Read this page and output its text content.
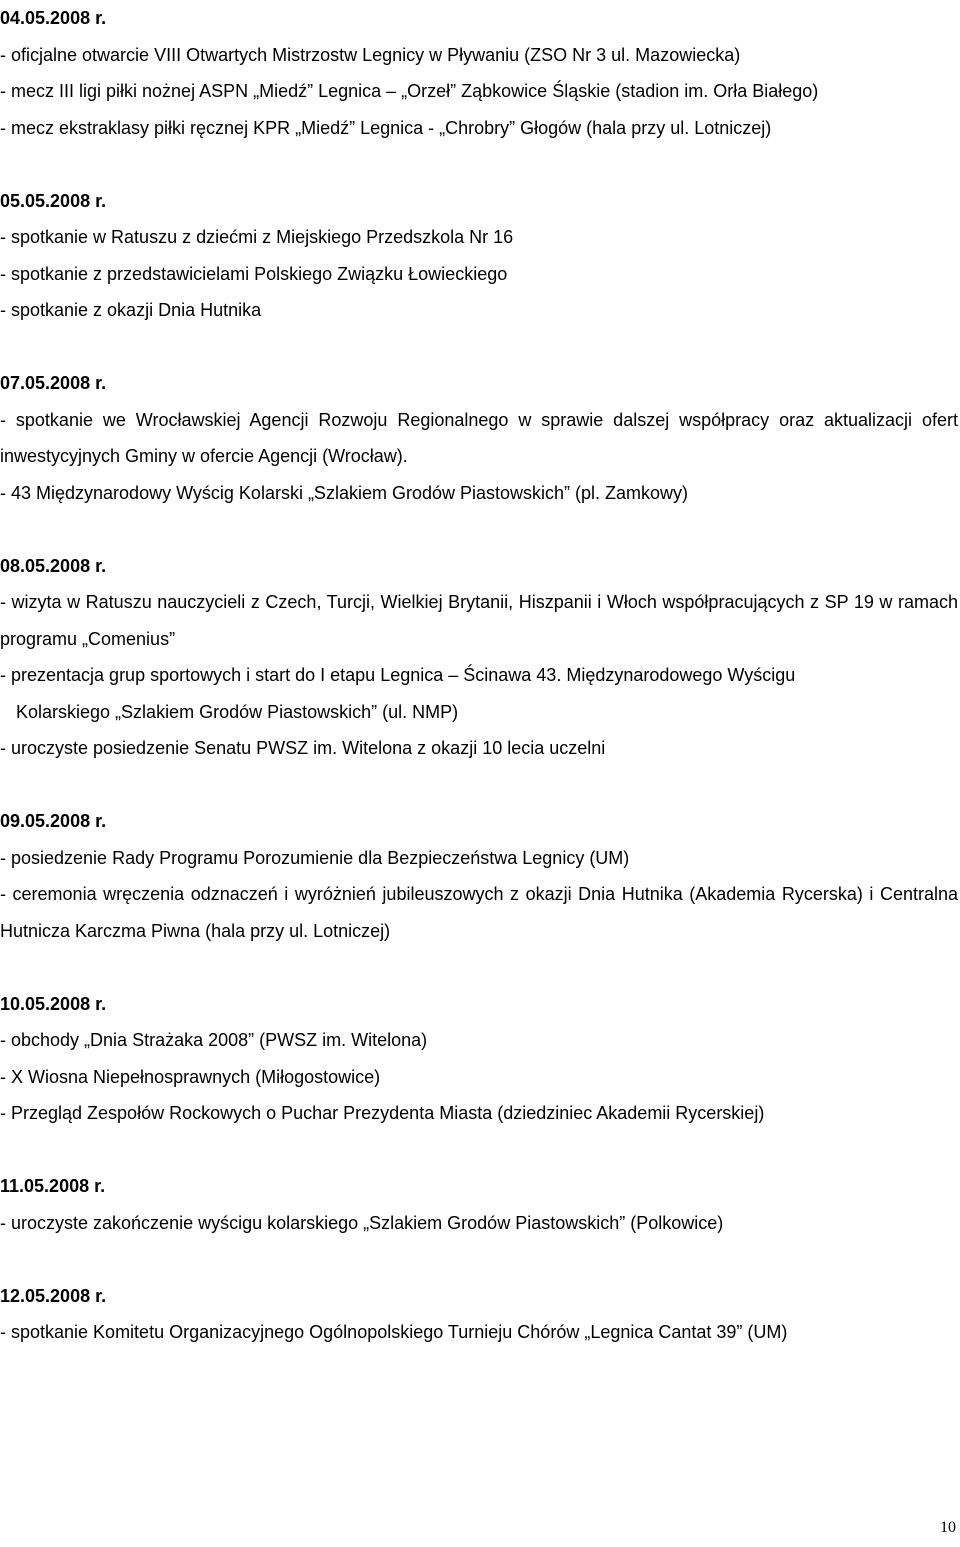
04.05.2008 r.
- oficjalne otwarcie VIII Otwartych Mistrzostw Legnicy w Pływaniu (ZSO Nr 3 ul. Mazowiecka)
- mecz III ligi piłki nożnej ASPN „Miedź” Legnica – „Orzeł” Ząbkowice Śląskie (stadion im. Orła Białego)
- mecz ekstraklasy piłki ręcznej KPR „Miedź” Legnica - „Chrobry” Głogów (hala przy ul. Lotniczej)
05.05.2008 r.
- spotkanie w Ratuszu z dziećmi z Miejskiego Przedszkola Nr 16
- spotkanie z przedstawicielami Polskiego Związku Łowieckiego
- spotkanie z okazji Dnia Hutnika
07.05.2008 r.
- spotkanie we Wrocławskiej Agencji Rozwoju Regionalnego w sprawie dalszej współpracy oraz aktualizacji ofert inwestycyjnych Gminy w ofercie Agencji (Wrocław).
- 43 Międzynarodowy Wyścig Kolarski „Szlakiem Grodów Piastowskich” (pl. Zamkowy)
08.05.2008 r.
- wizyta w Ratuszu nauczycieli z Czech, Turcji, Wielkiej Brytanii, Hiszpanii i Włoch współpracujących z SP 19 w ramach programu „Comenius”
- prezentacja grup sportowych i start do I etapu Legnica – Ścinawa 43. Międzynarodowego Wyścigu
Kolarskiego „Szlakiem Grodów Piastowskich” (ul. NMP)
- uroczyste posiedzenie Senatu PWSZ im. Witelona z okazji 10 lecia uczelni
09.05.2008 r.
- posiedzenie Rady Programu Porozumienie dla Bezpieczeństwa Legnicy (UM)
- ceremonia wręczenia odznaczeń i wyróżnień jubileuszowych z okazji Dnia Hutnika (Akademia Rycerska) i Centralna Hutnicza Karczma Piwna (hala przy ul. Lotniczej)
10.05.2008 r.
- obchody „Dnia Strażaka 2008” (PWSZ im. Witelona)
- X Wiosna Niepełnosprawnych (Miłogostowice)
- Przegląd Zespołów Rockowych o Puchar Prezydenta Miasta (dziedziniec Akademii Rycerskiej)
11.05.2008 r.
- uroczyste zakończenie wyścigu kolarskiego „Szlakiem Grodów Piastowskich” (Polkowice)
12.05.2008 r.
- spotkanie Komitetu Organizacyjnego Ogólnopolskiego Turnieju Chórów „Legnica Cantat 39” (UM)
10
